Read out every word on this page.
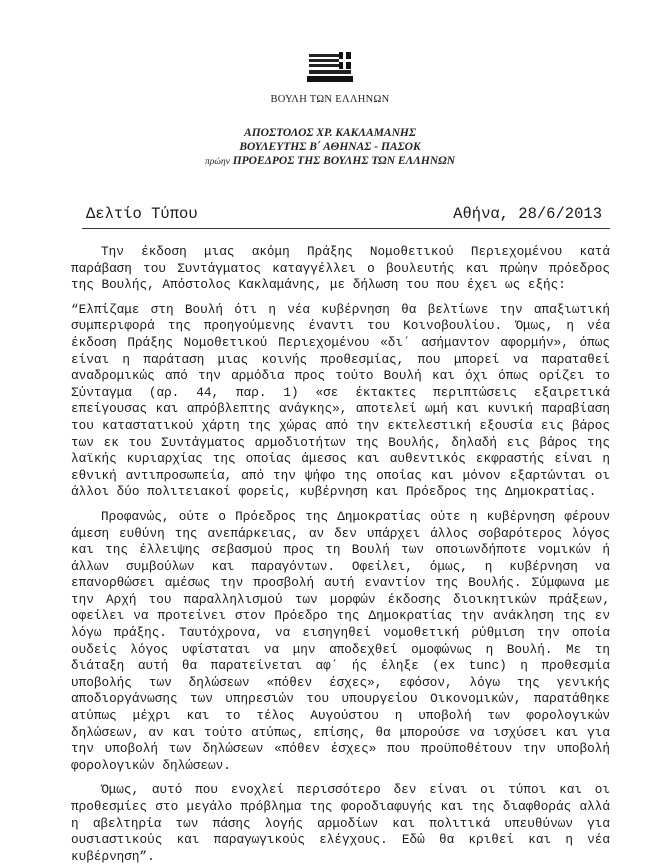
ΒΟΥΛΗ ΤΩΝ ΕΛΛΗΝΩΝ
ΑΠΟΣΤΟΛΟΣ ΧΡ. ΚΑΚΛΑΜΑΝΗΣ
ΒΟΥΛΕΥΤΗΣ Β΄ ΑΘΗΝΑΣ - ΠΑΣΟΚ
πρώην ΠΡΟΕΔΡΟΣ ΤΗΣ ΒΟΥΛΗΣ ΤΩΝ ΕΛΛΗΝΩΝ
Δελτίο Τύπου	Αθήνα, 28/6/2013

Την έκδοση μιας ακόμη Πράξης Νομοθετικού Περιεχομένου κατά παράβαση του Συντάγματος καταγγέλλει ο βουλευτής και πρώην πρόεδρος της Βουλής, Απόστολος Κακλαμάνης, με δήλωση του που έχει ως εξής:

“Ελπίζαμε στη Βουλή ότι η νέα κυβέρνηση θα βελτίωνε την απαξιωτική συμπεριφορά της προηγούμενης έναντι του Κοινοβουλίου. Όμως, η νέα έκδοση Πράξης Νομοθετικού Περιεχομένου «δι΄ ασήμαντον αφορμήν», όπως είναι η παράταση μιας κοινής προθεσμίας, που μπορεί να παραταθεί αναδρομικώς από την αρμόδια προς τούτο Βουλή και όχι όπως ορίζει το Σύνταγμα (αρ. 44, παρ. 1) «σε έκτακτες περιπτώσεις εξαιρετικά επείγουσας και απρόβλεπτης ανάγκης», αποτελεί ωμή και κυνική παραβίαση του καταστατικού χάρτη της χώρας από την εκτελεστική εξουσία εις βάρος των εκ του Συντάγματος αρμοδιοτήτων της Βουλής, δηλαδή εις βάρος της λαϊκής κυριαρχίας της οποίας άμεσος και αυθεντικός εκφραστής είναι η εθνική αντιπροσωπεία, από την ψήφο της οποίας και μόνον εξαρτώνται οι άλλοι δύο πολιτειακοί φορείς, κυβέρνηση και Πρόεδρος της Δημοκρατίας.

Προφανώς, ούτε ο Πρόεδρος της Δημοκρατίας ούτε η κυβέρνηση φέρουν άμεση ευθύνη της ανεπάρκειας, αν δεν υπάρχει άλλος σοβαρότερος λόγος και της έλλειψης σεβασμού προς τη Βουλή των οποιωνδήποτε νομικών ή άλλων συμβούλων και παραγόντων. Οφείλει, όμως, η κυβέρνηση να επανορθώσει αμέσως την προσβολή αυτή εναντίον της Βουλής. Σύμφωνα με την Αρχή του παραλληλισμού των μορφών έκδοσης διοικητικών πράξεων, οφείλει να προτείνει στον Πρόεδρο της Δημοκρατίας την ανάκληση της εν λόγω πράξης. Ταυτόχρονα, να εισηγηθεί νομοθετική ρύθμιση την οποία ουδείς λόγος υφίσταται να μην αποδεχθεί ομοφώνως η Βουλή. Με τη διάταξη αυτή θα παρατείνεται αφ΄ ής έληξε (ex tunc) η προθεσμία υποβολής των δηλώσεων «πόθεν έσχες», εφόσον, λόγω της γενικής αποδιοργάνωσης των υπηρεσιών του υπουργείου Οικονομικών, παρατάθηκε ατύπως μέχρι και το τέλος Αυγούστου η υποβολή των φορολογικών δηλώσεων, αν και τούτο ατύπως, επίσης, θα μπορούσε να ισχύσει και για την υποβολή των δηλώσεων «πόθεν έσχες» που προϋποθέτουν την υποβολή φορολογικών δηλώσεων.

Όμως, αυτό που ενοχλεί περισσότερο δεν είναι οι τύποι και οι προθεσμίες στο μεγάλο πρόβλημα της φοροδιαφυγής και της διαφθοράς αλλά η αβελτηρία των πάσης λογής αρμοδίων και πολιτικά υπευθύνων για ουσιαστικούς και παραγωγικούς ελέγχους. Εδώ θα κριθεί και η νέα κυβέρνηση”.
